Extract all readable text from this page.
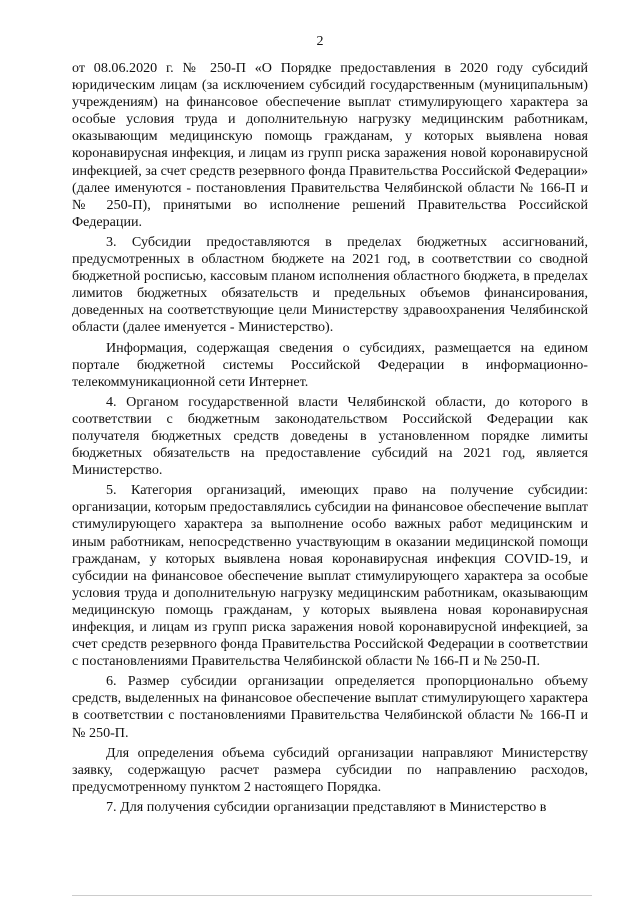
2

от 08.06.2020 г. № 250-П «О Порядке предоставления в 2020 году субсидий юридическим лицам (за исключением субсидий государственным (муниципальным) учреждениям) на финансовое обеспечение выплат стимулирующего характера за особые условия труда и дополнительную нагрузку медицинским работникам, оказывающим медицинскую помощь гражданам, у которых выявлена новая коронавирусная инфекция, и лицам из групп риска заражения новой коронавирусной инфекцией, за счет средств резервного фонда Правительства Российской Федерации» (далее именуются - постановления Правительства Челябинской области № 166-П и № 250-П), принятыми во исполнение решений Правительства Российской Федерации.

3. Субсидии предоставляются в пределах бюджетных ассигнований, предусмотренных в областном бюджете на 2021 год, в соответствии со сводной бюджетной росписью, кассовым планом исполнения областного бюджета, в пределах лимитов бюджетных обязательств и предельных объемов финансирования, доведенных на соответствующие цели Министерству здравоохранения Челябинской области (далее именуется - Министерство).

Информация, содержащая сведения о субсидиях, размещается на едином портале бюджетной системы Российской Федерации в информационно-телекоммуникационной сети Интернет.

4. Органом государственной власти Челябинской области, до которого в соответствии с бюджетным законодательством Российской Федерации как получателя бюджетных средств доведены в установленном порядке лимиты бюджетных обязательств на предоставление субсидий на 2021 год, является Министерство.

5. Категория организаций, имеющих право на получение субсидии: организации, которым предоставлялись субсидии на финансовое обеспечение выплат стимулирующего характера за выполнение особо важных работ медицинским и иным работникам, непосредственно участвующим в оказании медицинской помощи гражданам, у которых выявлена новая коронавирусная инфекция COVID-19, и субсидии на финансовое обеспечение выплат стимулирующего характера за особые условия труда и дополнительную нагрузку медицинским работникам, оказывающим медицинскую помощь гражданам, у которых выявлена новая коронавирусная инфекция, и лицам из групп риска заражения новой коронавирусной инфекцией, за счет средств резервного фонда Правительства Российской Федерации в соответствии с постановлениями Правительства Челябинской области № 166-П и № 250-П.

6. Размер субсидии организации определяется пропорционально объему средств, выделенных на финансовое обеспечение выплат стимулирующего характера в соответствии с постановлениями Правительства Челябинской области № 166-П и № 250-П.

Для определения объема субсидий организации направляют Министерству заявку, содержащую расчет размера субсидии по направлению расходов, предусмотренному пунктом 2 настоящего Порядка.

7. Для получения субсидии организации представляют в Министерство в
